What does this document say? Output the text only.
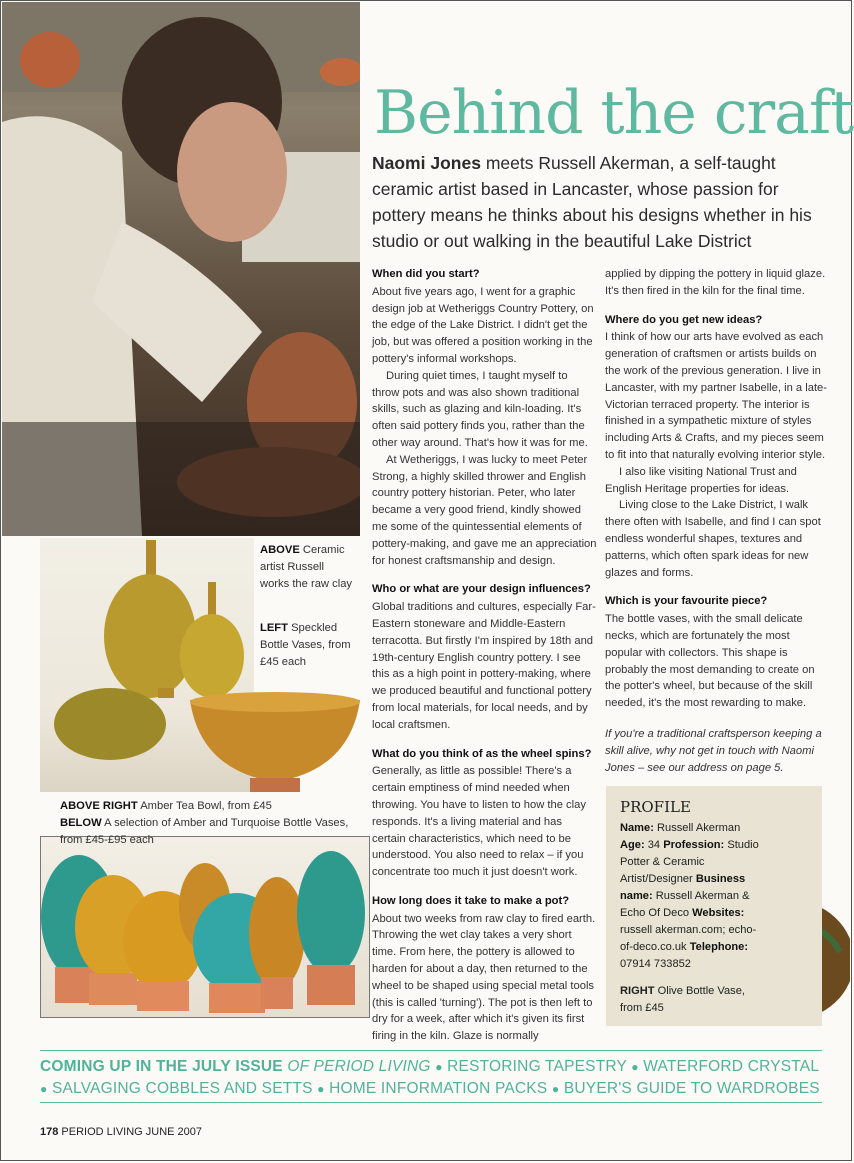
Behind the craft

Naomi Jones meets Russell Akerman, a self-taught ceramic artist based in Lancaster, whose passion for pottery means he thinks about his designs whether in his studio or out walking in the beautiful Lake District

When did you start?

About five years ago, I went for a graphic design job at Wetheriggs Country Pottery, on the edge of the Lake District. I didn't get the job, but was offered a position working in the pottery's informal workshops.

During quiet times, I taught myself to throw pots and was also shown traditional skills, such as glazing and kiln-loading. It's often said pottery finds you, rather than the other way around. That's how it was for me.

At Wetheriggs, I was lucky to meet Peter Strong, a highly skilled thrower and English country pottery historian. Peter, who later became a very good friend, kindly showed me some of the quintessential elements of pottery-making, and gave me an appreciation for honest craftsmanship and design.

Who or what are your design influences?

Global traditions and cultures, especially Far-Eastern stoneware and Middle-Eastern terracotta. But firstly I'm inspired by 18th and 19th-century English country pottery. I see this as a high point in pottery-making, where we produced beautiful and functional pottery from local materials, for local needs, and by local craftsmen.

What do you think of as the wheel spins?

Generally, as little as possible! There's a certain emptiness of mind needed when throwing. You have to listen to how the clay responds. It's a living material and has certain characteristics, which need to be understood. You also need to relax – if you concentrate too much it just doesn't work.

How long does it take to make a pot?

About two weeks from raw clay to fired earth. Throwing the wet clay takes a very short time. From here, the pottery is allowed to harden for about a day, then returned to the wheel to be shaped using special metal tools (this is called 'turning'). The pot is then left to dry for a week, after which it's given its first firing in the kiln. Glaze is normally

applied by dipping the pottery in liquid glaze. It's then fired in the kiln for the final time.

Where do you get new ideas?

I think of how our arts have evolved as each generation of craftsmen or artists builds on the work of the previous generation. I live in Lancaster, with my partner Isabelle, in a late-Victorian terraced property. The interior is finished in a sympathetic mixture of styles including Arts & Crafts, and my pieces seem to fit into that naturally evolving interior style.

I also like visiting National Trust and English Heritage properties for ideas.

Living close to the Lake District, I walk there often with Isabelle, and find I can spot endless wonderful shapes, textures and patterns, which often spark ideas for new glazes and forms.

Which is your favourite piece?

The bottle vases, with the small delicate necks, which are fortunately the most popular with collectors. This shape is probably the most demanding to create on the potter's wheel, but because of the skill needed, it's the most rewarding to make.

If you're a traditional craftsperson keeping a skill alive, why not get in touch with Naomi Jones – see our address on page 5.

ABOVE Ceramic artist Russell works the raw clay
LEFT Speckled Bottle Vases, from £45 each
ABOVE RIGHT Amber Tea Bowl, from £45
BELOW A selection of Amber and Turquoise Bottle Vases, from £45-£95 each
PROFILE
Name: Russell Akerman Age: 34 Profession: Studio Potter & Ceramic Artist/Designer Business name: Russell Akerman & Echo Of Deco Websites: russell akerman.com; echo-of-deco.co.uk Telephone: 07914 733852
RIGHT Olive Bottle Vase, from £45
COMING UP IN THE JULY ISSUE OF PERIOD LIVING ● RESTORING TAPESTRY ● WATERFORD CRYSTAL
● SALVAGING COBBLES AND SETTS ● HOME INFORMATION PACKS ● BUYER'S GUIDE TO WARDROBES
178 PERIOD LIVING JUNE 2007
